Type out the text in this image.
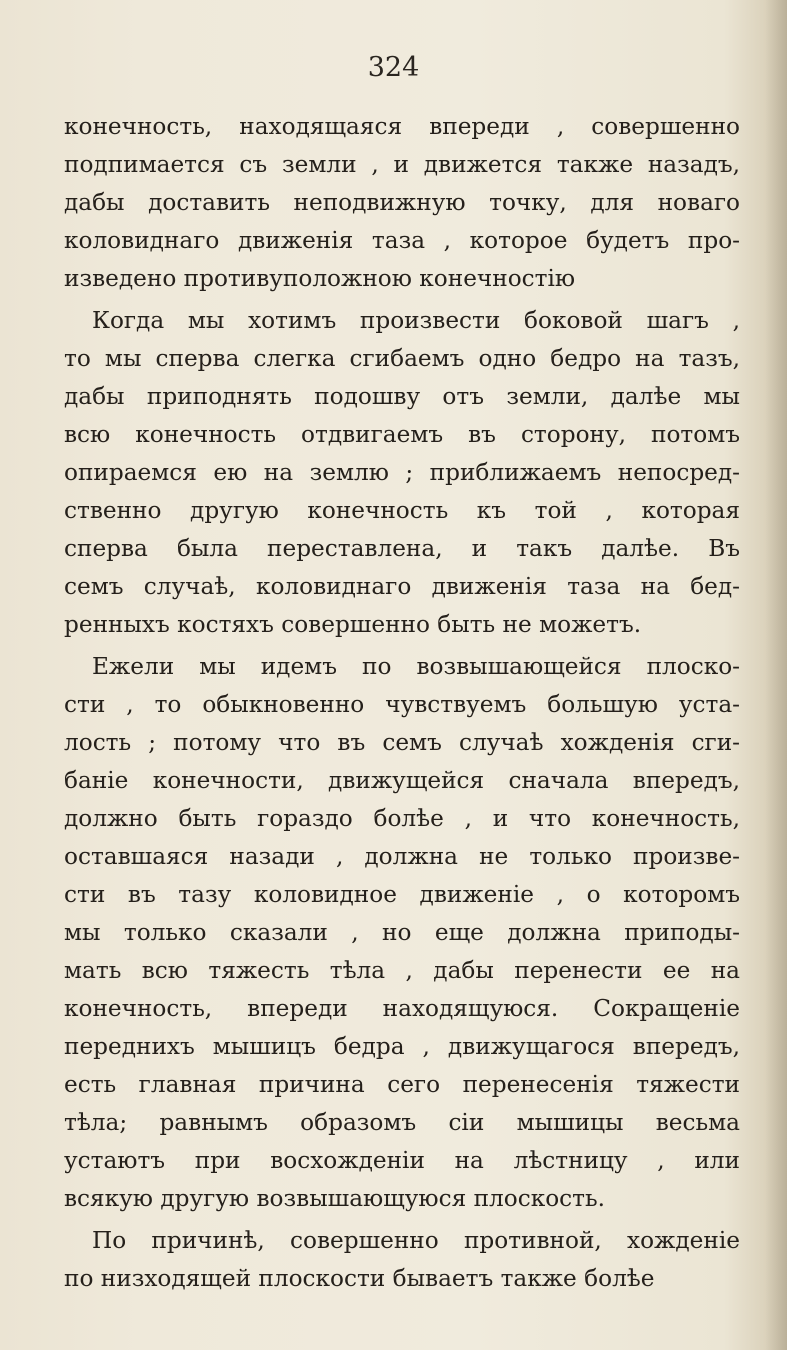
324
конечность, находящаяся впереди , совершенно
подпимается съ земли , и движется также назадъ,
дабы доставить неподвижную точку, для новаго
коловиднаго движенія таза , которое будетъ про-
изведено противуположною конечностію
Когда мы хотимъ произвести боковой шагъ ,
то мы сперва слегка сгибаемъ одно бедро на тазъ,
дабы приподнять подошву отъ земли, далѣе мы
всю конечность отдвигаемъ въ сторону, потомъ
опираемся ею на землю ; приближаемъ непосред-
ственно другую конечность къ той , которая
сперва была переставлена, и такъ далѣе. Въ
семъ случаѣ, коловиднаго движенія таза на бед-
ренныхъ костяхъ совершенно быть не можетъ.
Ежели мы идемъ по возвышающейся плоско-
сти , то обыкновенно чувствуемъ большую уста-
лость ; потому что въ семъ случаѣ хожденія сги-
баніе конечности, движущейся сначала впередъ,
должно быть гораздо болѣе , и что конечность,
оставшаяся назади , должна не только произве-
сти въ тазу коловидное движеніе , о которомъ
мы только сказали , но еще должна приподы-
мать всю тяжесть тѣла , дабы перенести ее на
конечность, впереди находящуюся. Сокращеніе
переднихъ мышицъ бедра , движущагося впередъ,
есть главная причина сего перенесенія тяжести
тѣла; равнымъ образомъ сіи мышицы весьма
устаютъ при восхожденіи на лѣстницу , или
всякую другую возвышающуюся плоскость.
По причинѣ, совершенно противной, хожденіе
по низходящей плоскости бываетъ также болѣе
